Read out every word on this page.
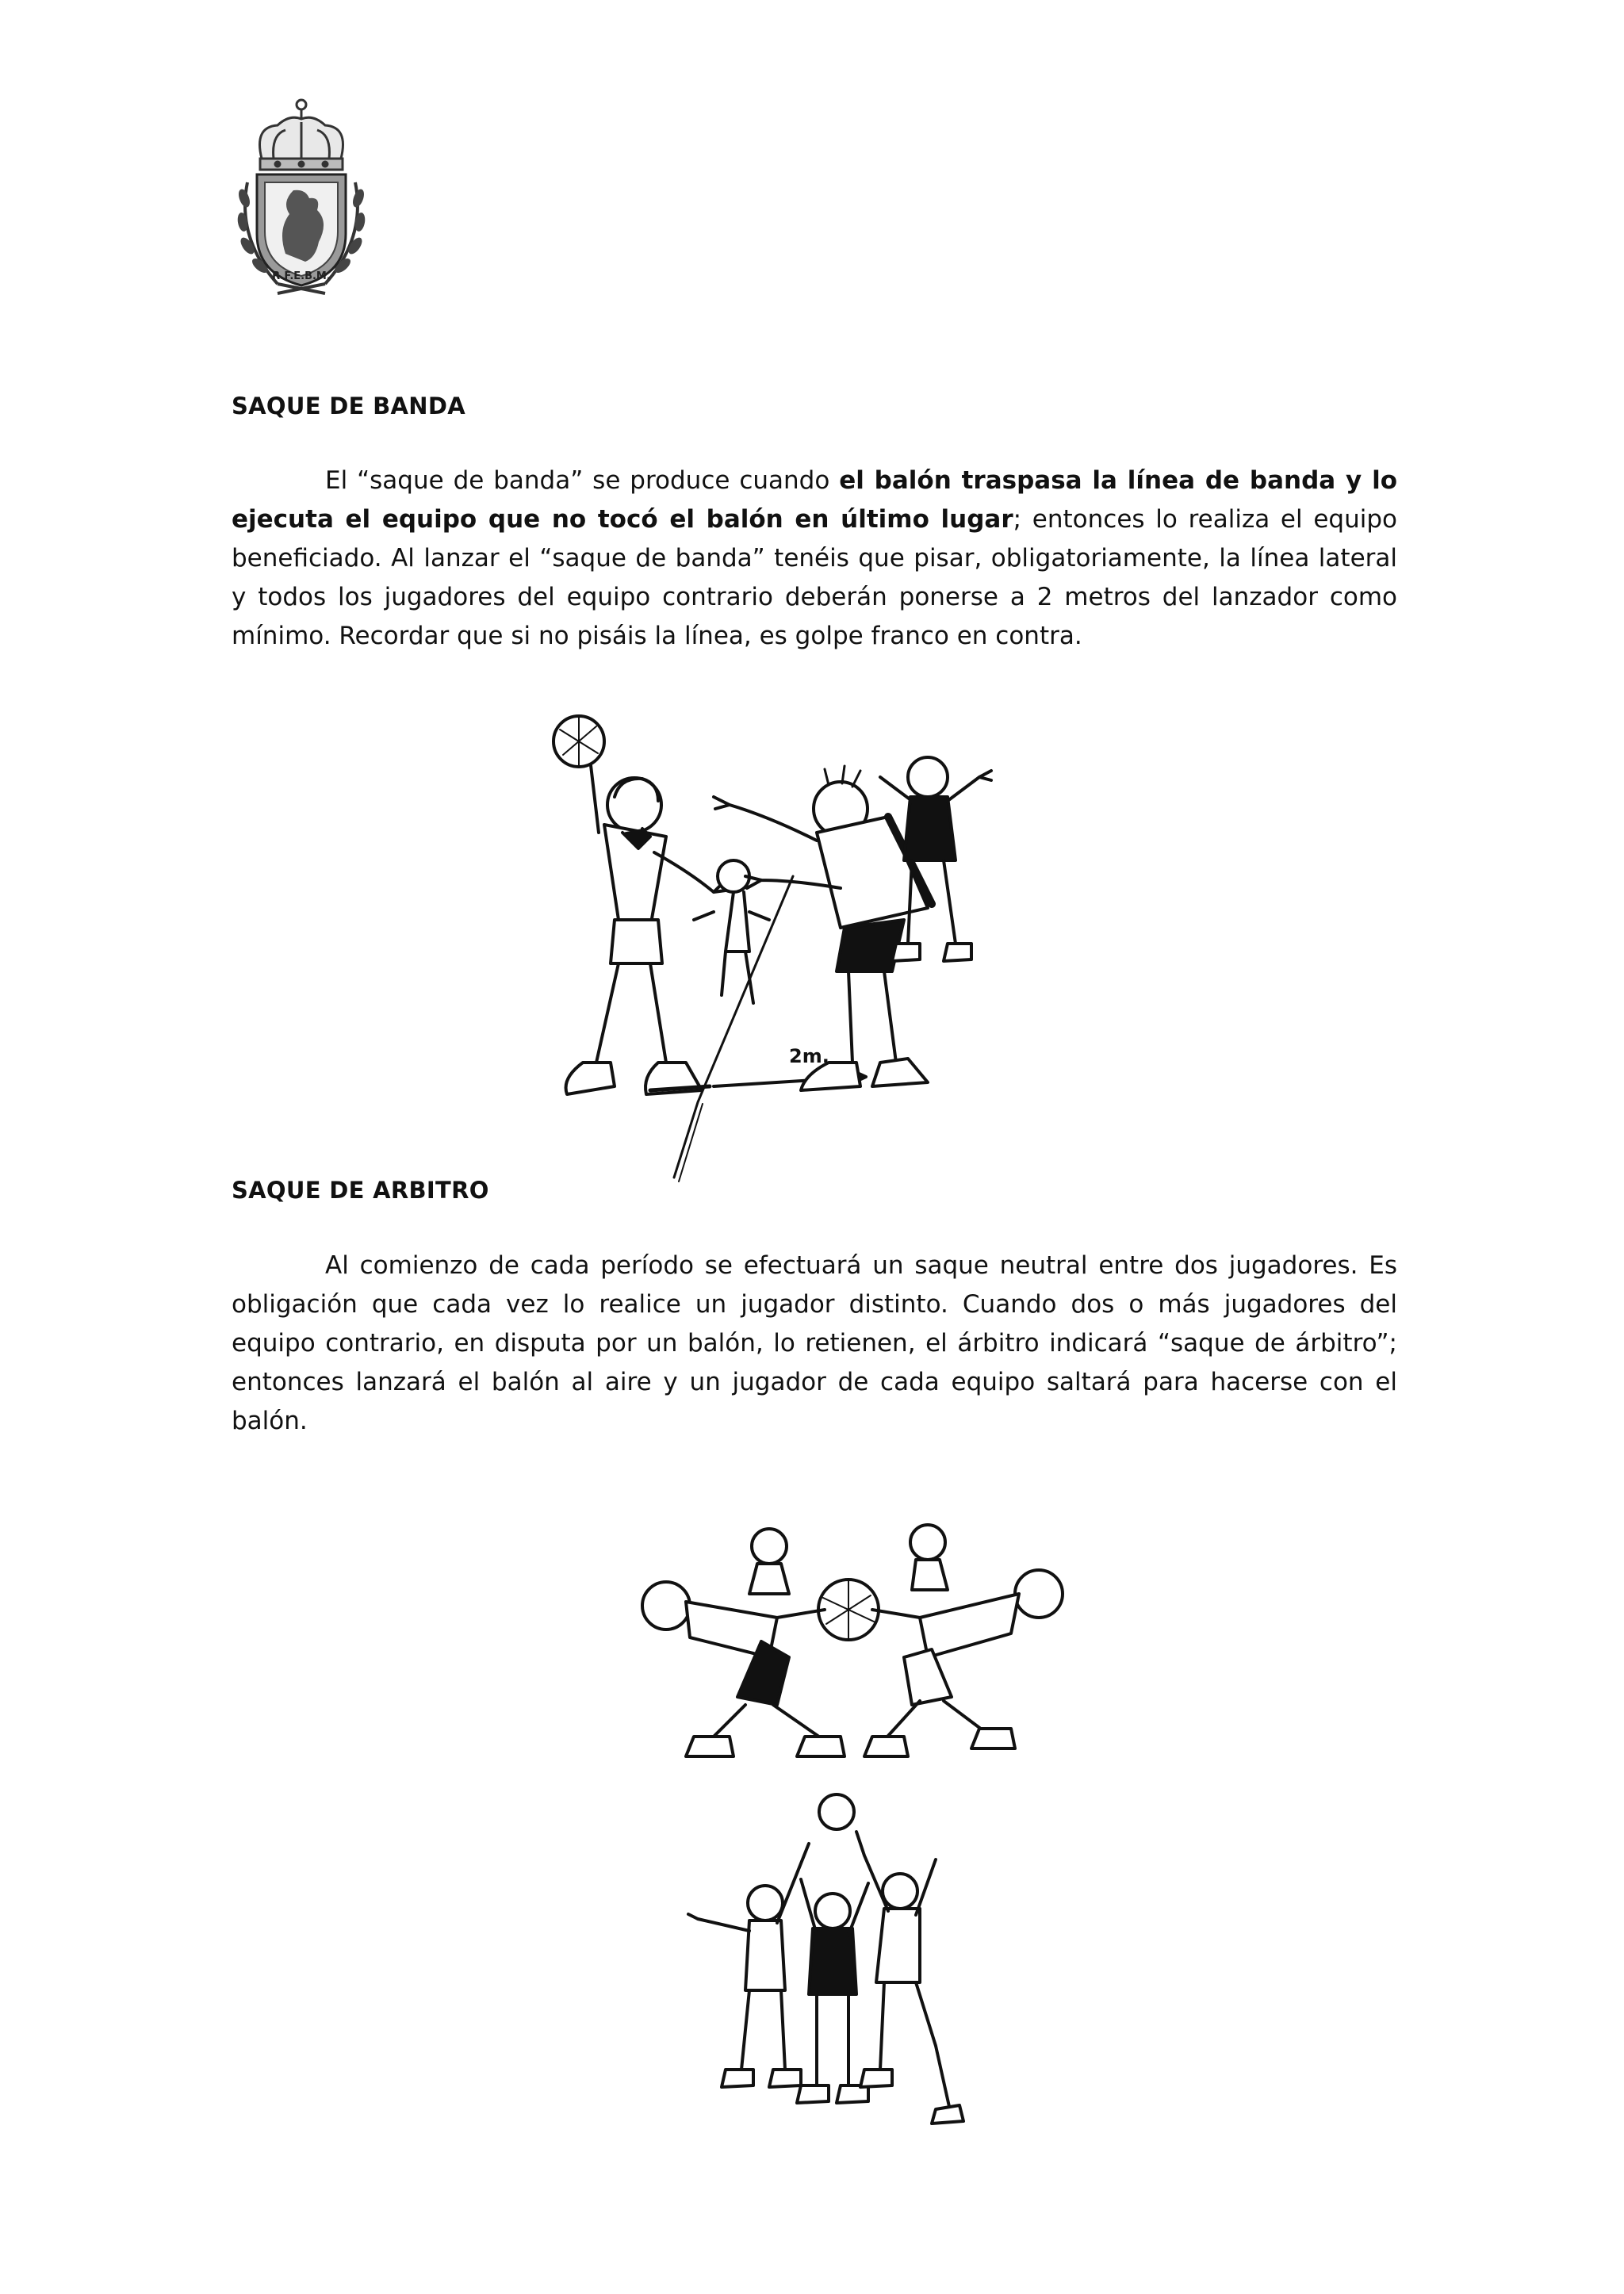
R.F.E.B.M.
SAQUE DE BANDA
El “saque de banda” se produce cuando el balón traspasa la línea de banda y lo ejecuta el equipo que no tocó el balón en último lugar; entonces lo realiza el equipo beneficiado. Al lanzar el “saque de banda” tenéis que pisar, obligatoriamente, la línea lateral y todos los jugadores del equipo contrario deberán ponerse a 2 metros del lanzador como mínimo. Recordar que si no pisáis la línea, es golpe franco en contra.
2m.
SAQUE DE ARBITRO
Al comienzo de cada período se efectuará un saque neutral entre dos jugadores. Es obligación que cada vez lo realice un jugador distinto. Cuando dos o más jugadores del equipo contrario, en disputa por un balón, lo retienen, el árbitro indicará “saque de árbitro”; entonces lanzará el balón al aire y un jugador de cada equipo saltará para hacerse con el balón.
